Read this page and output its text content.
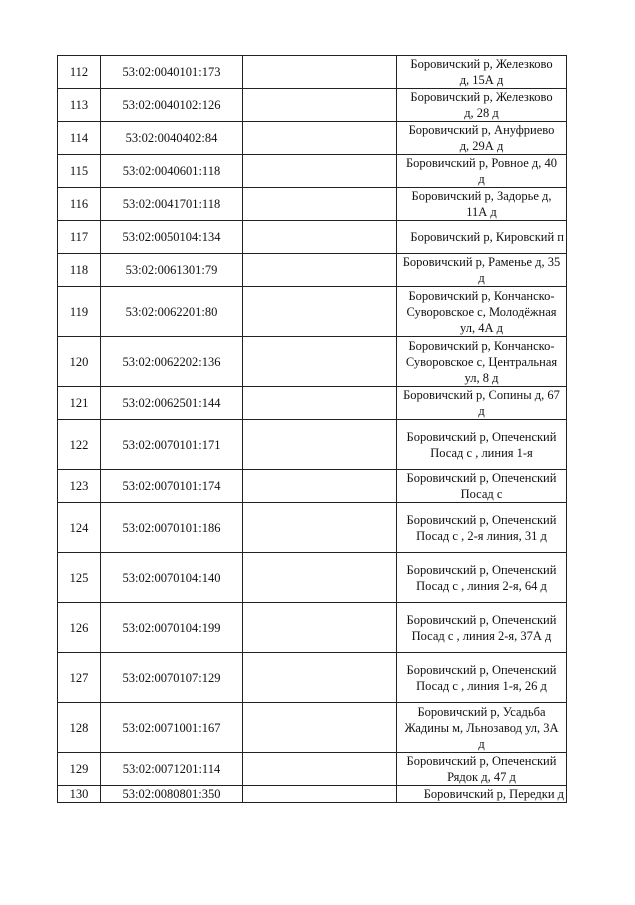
112	53:02:0040101:173		Боровичский р, Железково
д, 15А д

113	53:02:0040102:126		Боровичский р, Железково
д, 28 д

114	53:02:0040402:84		Боровичский р, Ануфриево
д, 29А д

115	53:02:0040601:118		Боровичский р, Ровное д, 40
д

116	53:02:0041701:118		Боровичский р, Задорье д,
11А д

117	53:02:0050104:134		Боровичский р, Кировский п

118	53:02:0061301:79		Боровичский р, Раменье д, 35
д

119	53:02:0062201:80		Боровичский р, Кончанско-
Суворовское с, Молодёжная
ул, 4А д

120	53:02:0062202:136		Боровичский р, Кончанско-
Суворовское с, Центральная
ул, 8 д

121	53:02:0062501:144		Боровичский р, Сопины д, 67
д

122	53:02:0070101:171		Боровичский р, Опеченский
Посад с , линия 1-я

123	53:02:0070101:174		Боровичский р, Опеченский
Посад с

124	53:02:0070101:186		Боровичский р, Опеченский
Посад с , 2-я линия, 31 д

125	53:02:0070104:140		Боровичский р, Опеченский
Посад с , линия 2-я, 64 д

126	53:02:0070104:199		Боровичский р, Опеченский
Посад с , линия 2-я, 37А д

127	53:02:0070107:129		Боровичский р, Опеченский
Посад с , линия 1-я, 26 д

128	53:02:0071001:167		Боровичский р, Усадьба
Жадины м, Льнозавод ул, 3А
д

129	53:02:0071201:114		Боровичский р, Опеченский
Рядок д, 47 д

130	53:02:0080801:350		Боровичский р, Передки д
